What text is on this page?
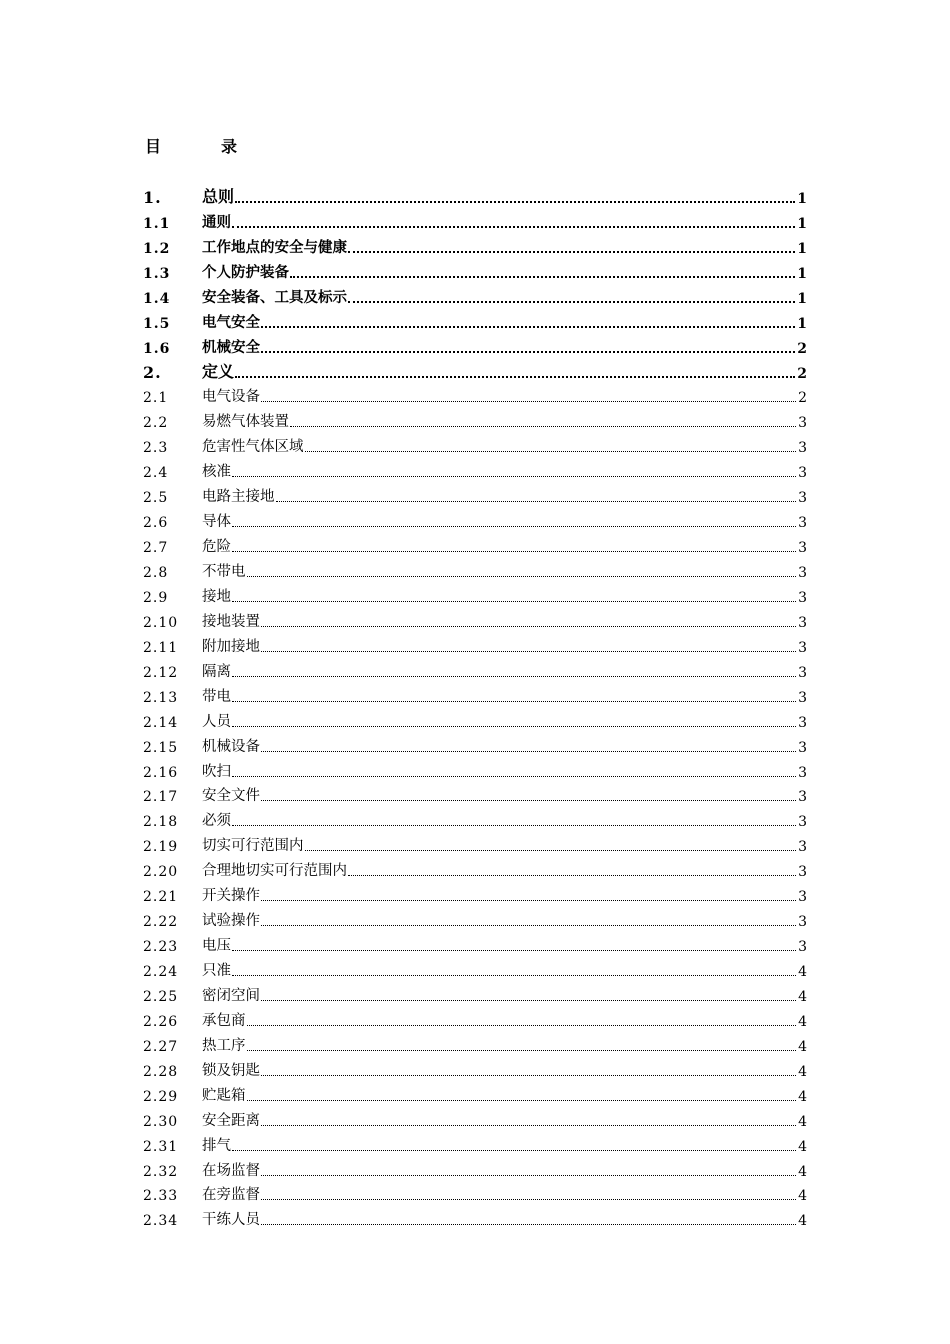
目　录
1.	总则	1
1.1	通则	1
1.2	工作地点的安全与健康	1
1.3	个人防护装备	1
1.4	安全装备、工具及标示	1
1.5	电气安全	1
1.6	机械安全	2
2.	定义	2
2.1	电气设备	2
2.2	易燃气体装置	3
2.3	危害性气体区域	3
2.4	核准	3
2.5	电路主接地	3
2.6	导体	3
2.7	危险	3
2.8	不带电	3
2.9	接地	3
2.10	接地装置	3
2.11	附加接地	3
2.12	隔离	3
2.13	带电	3
2.14	人员	3
2.15	机械设备	3
2.16	吹扫	3
2.17	安全文件	3
2.18	必须	3
2.19	切实可行范围内	3
2.20	合理地切实可行范围内	3
2.21	开关操作	3
2.22	试验操作	3
2.23	电压	3
2.24	只准	4
2.25	密闭空间	4
2.26	承包商	4
2.27	热工序	4
2.28	锁及钥匙	4
2.29	贮匙箱	4
2.30	安全距离	4
2.31	排气	4
2.32	在场监督	4
2.33	在旁监督	4
2.34	干练人员	4
